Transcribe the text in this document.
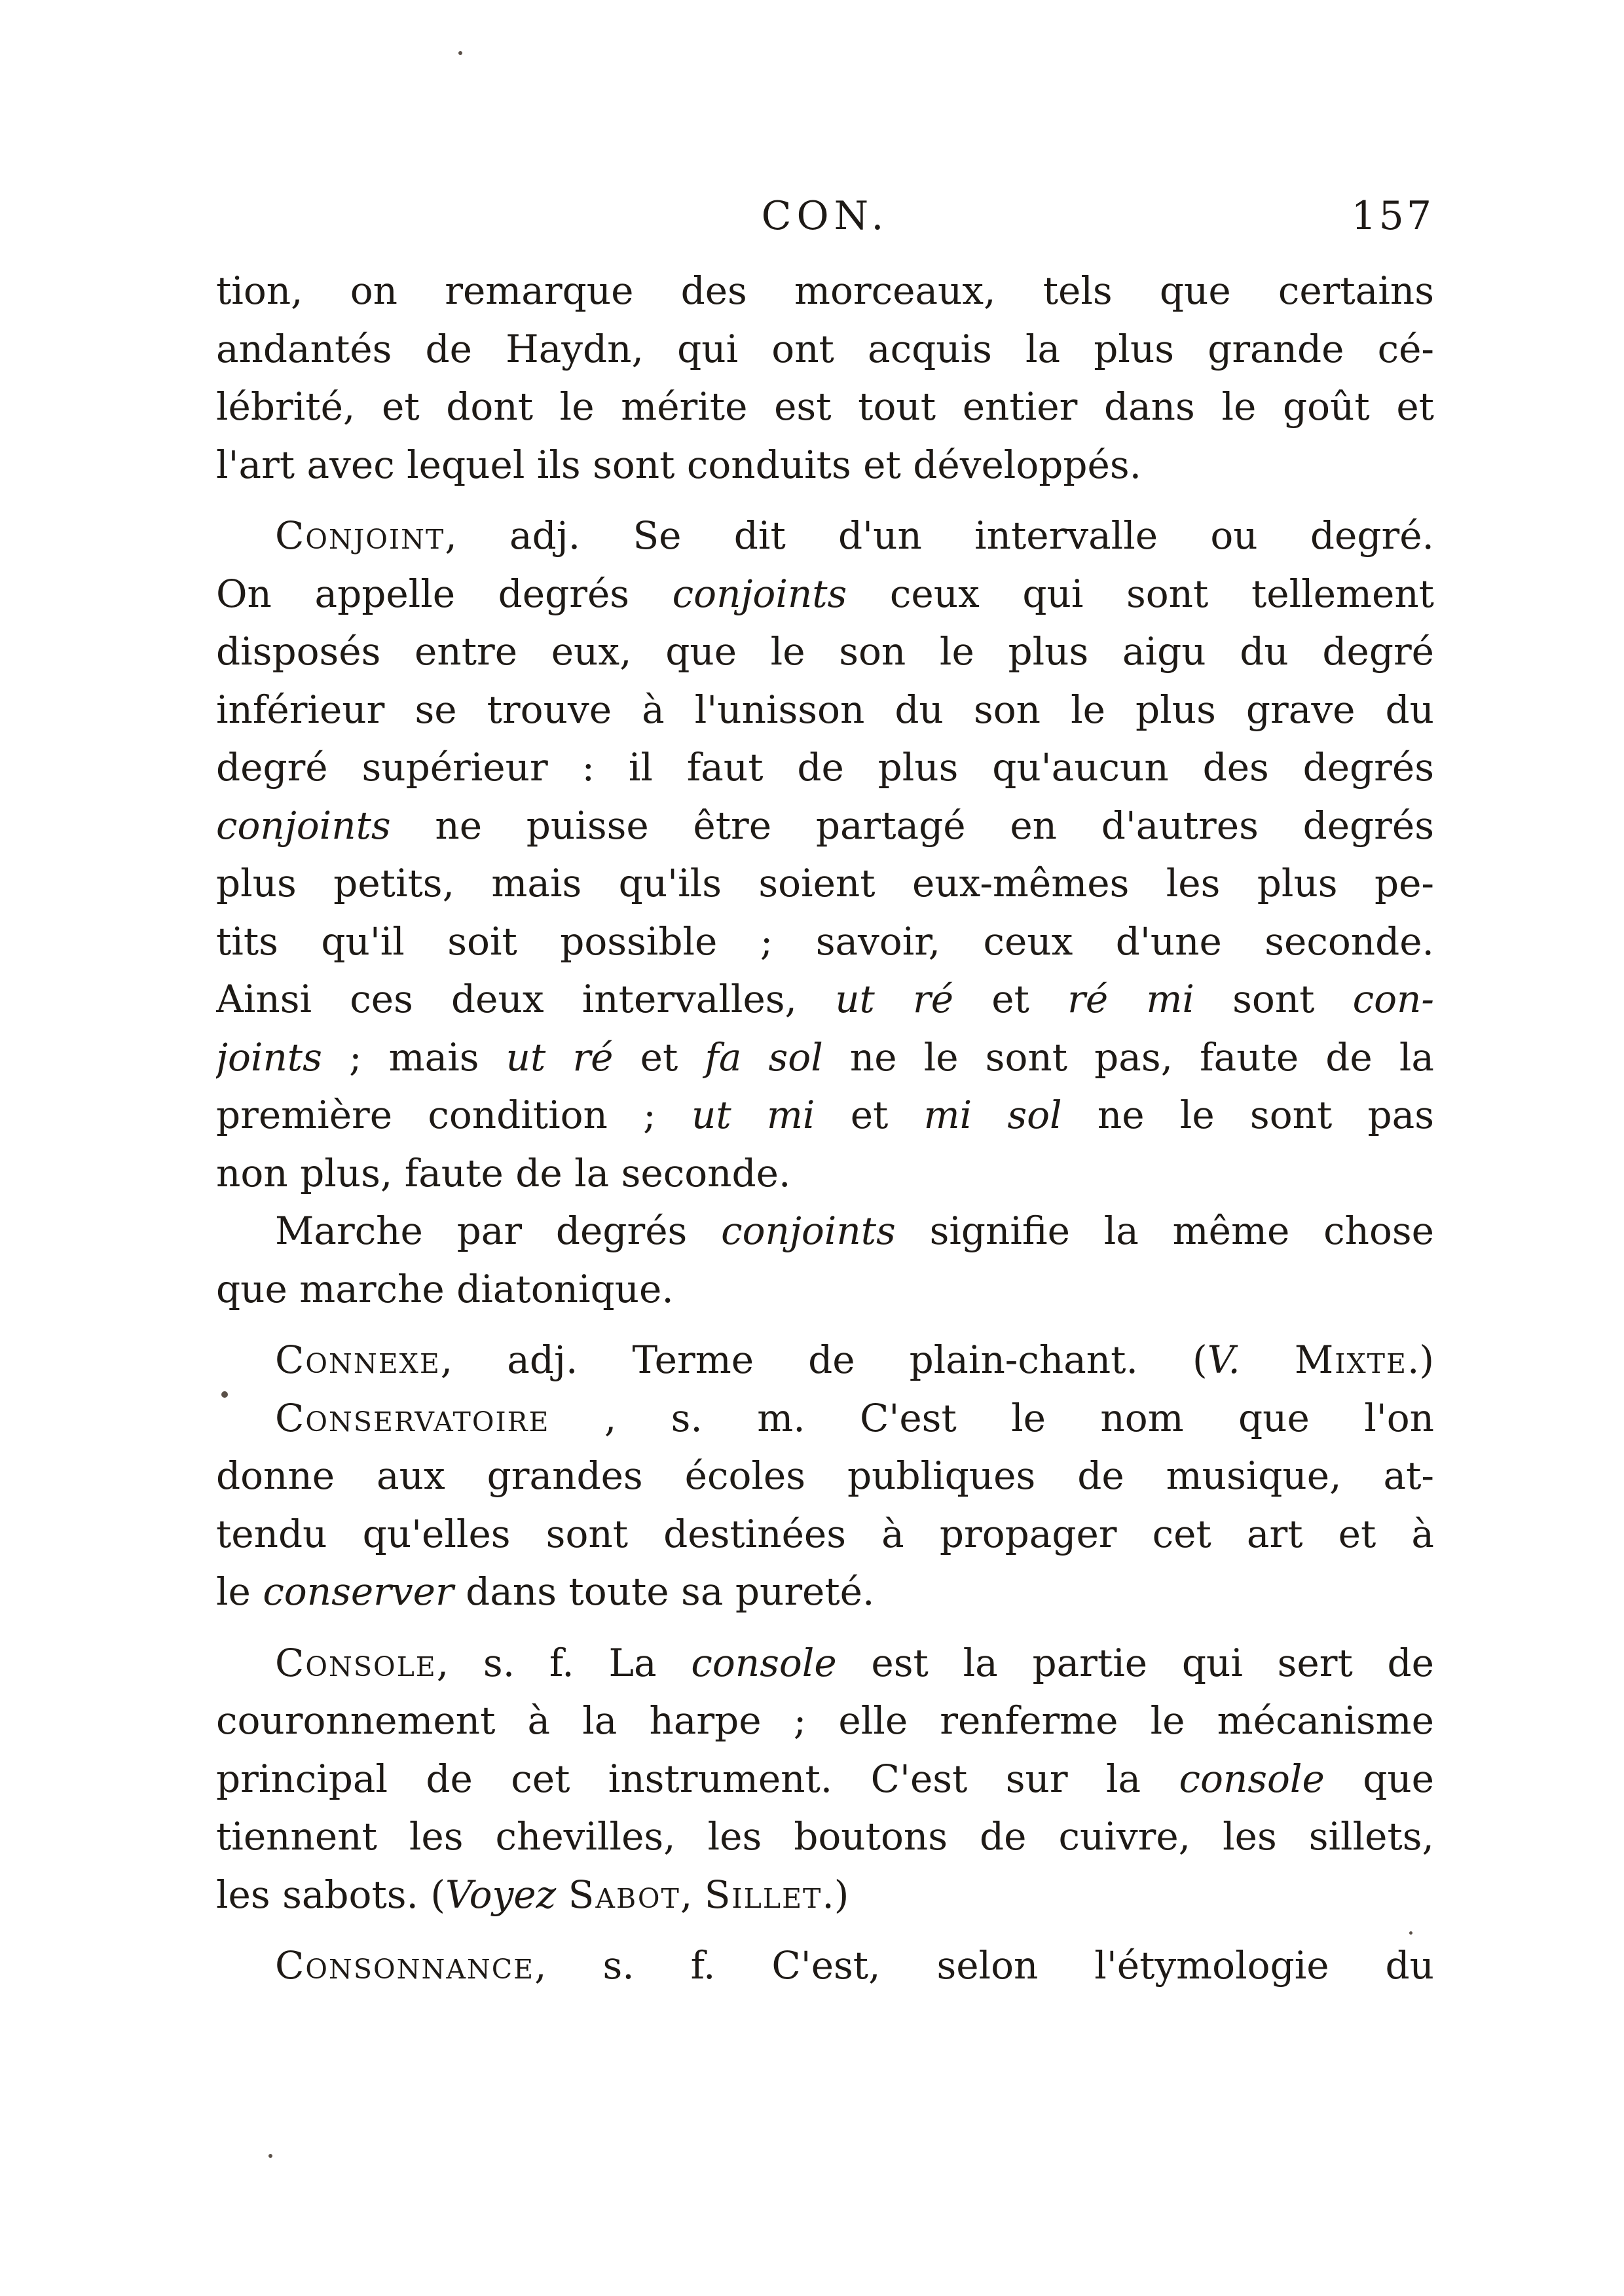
CON.	157
tion, on remarque des morceaux, tels que certains
andantés de Haydn, qui ont acquis la plus grande cé-
lébrité, et dont le mérite est tout entier dans le goût et
l'art avec lequel ils sont conduits et développés.
Conjoint, adj. Se dit d'un intervalle ou degré.
On appelle degrés conjoints ceux qui sont tellement
disposés entre eux, que le son le plus aigu du degré
inférieur se trouve à l'unisson du son le plus grave du
degré supérieur : il faut de plus qu'aucun des degrés
conjoints ne puisse être partagé en d'autres degrés
plus petits, mais qu'ils soient eux-mêmes les plus pe-
tits qu'il soit possible ; savoir, ceux d'une seconde.
Ainsi ces deux intervalles, ut ré et ré mi sont con-
joints ; mais ut ré et fa sol ne le sont pas, faute de la
première condition ; ut mi et mi sol ne le sont pas
non plus, faute de la seconde.
Marche par degrés conjoints signifie la même chose
que marche diatonique.
Connexe, adj. Terme de plain-chant. (V. Mixte.)
Conservatoire , s. m. C'est le nom que l'on
donne aux grandes écoles publiques de musique, at-
tendu qu'elles sont destinées à propager cet art et à
le conserver dans toute sa pureté.
Console, s. f. La console est la partie qui sert de
couronnement à la harpe ; elle renferme le mécanisme
principal de cet instrument. C'est sur la console que
tiennent les chevilles, les boutons de cuivre, les sillets,
les sabots. (Voyez Sabot, Sillet.)
Consonnance, s. f. C'est, selon l'étymologie du
